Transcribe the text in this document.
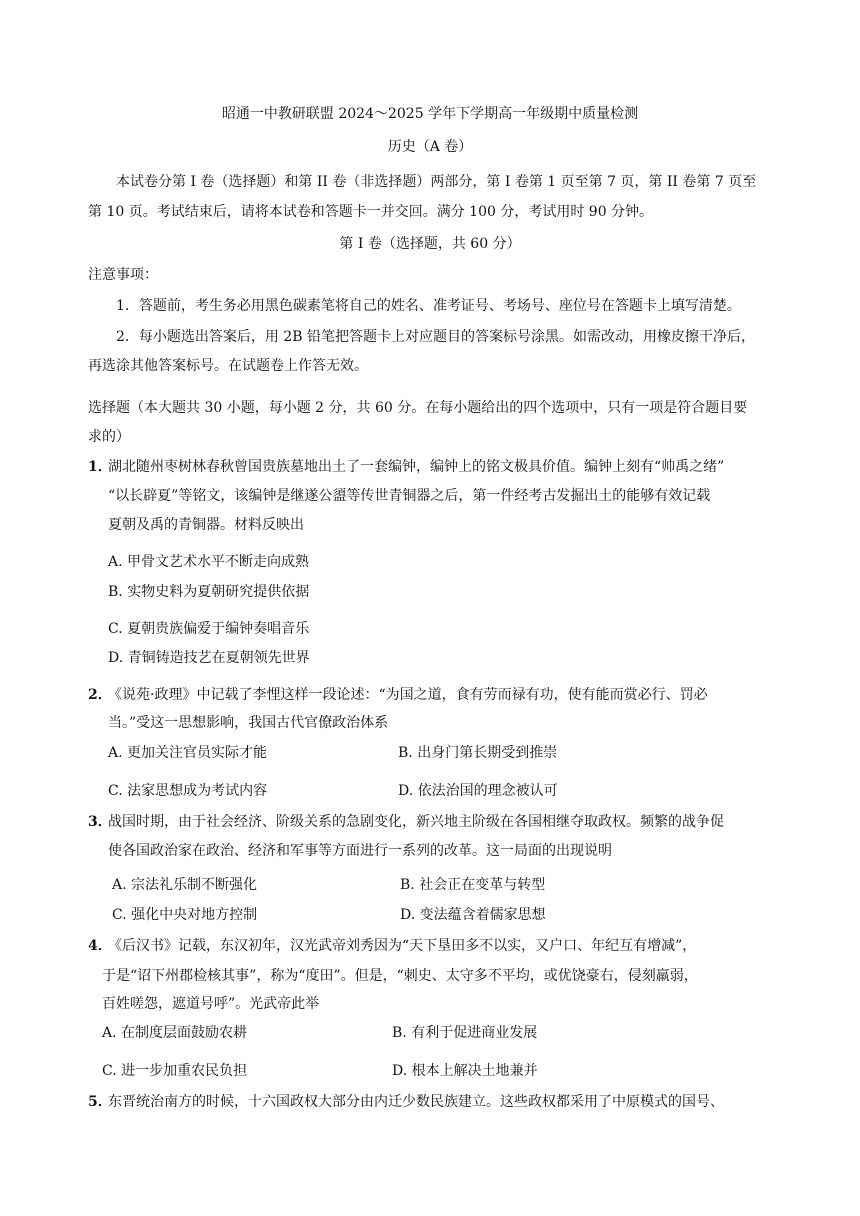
昭通一中教研联盟 2024～2025 学年下学期高一年级期中质量检测
历史（A 卷）
本试卷分第 I 卷（选择题）和第 II 卷（非选择题）两部分，第 I 卷第 1 页至第 7 页，第 II 卷第 7 页至
第 10 页。考试结束后，请将本试卷和答题卡一并交回。满分 100 分，考试用时 90 分钟。
第 I 卷（选择题，共 60 分）
注意事项：
1．答题前，考生务必用黑色碳素笔将自己的姓名、准考证号、考场号、座位号在答题卡上填写清楚。
2．每小题选出答案后，用 2B 铅笔把答题卡上对应题目的答案标号涂黑。如需改动，用橡皮擦干净后，
再选涂其他答案标号。在试题卷上作答无效。
选择题（本大题共 30 小题，每小题 2 分，共 60 分。在每小题给出的四个选项中，只有一项是符合题目要
求的）
1．
湖北随州枣树林春秋曾国贵族墓地出土了一套编钟，编钟上的铭文极具价值。编钟上刻有“帅禹之绪”
“以长辟夏”等铭文，该编钟是继遂公盨等传世青铜器之后，第一件经考古发掘出土的能够有效记载
夏朝及禹的青铜器。材料反映出
A. 甲骨文艺术水平不断走向成熟
B. 实物史料为夏朝研究提供依据
C. 夏朝贵族偏爱于编钟奏唱音乐
D. 青铜铸造技艺在夏朝领先世界
2．
《说苑·政理》中记载了李悝这样一段论述：“为国之道，食有劳而禄有功，使有能而赏必行、罚必
当。”受这一思想影响，我国古代官僚政治体系
A. 更加关注官员实际才能	B. 出身门第长期受到推崇
C. 法家思想成为考试内容	D. 依法治国的理念被认可
3．
战国时期，由于社会经济、阶级关系的急剧变化，新兴地主阶级在各国相继夺取政权。频繁的战争促
使各国政治家在政治、经济和军事等方面进行一系列的改革。这一局面的出现说明
A. 宗法礼乐制不断强化	B. 社会正在变革与转型
C. 强化中央对地方控制	D. 变法蕴含着儒家思想
4．
《后汉书》记载，东汉初年，汉光武帝刘秀因为“天下垦田多不以实，又户口、年纪互有增减”，
于是“诏下州郡检核其事”，称为“度田”。但是，“刺史、太守多不平均，或优饶豪右，侵刻羸弱，
百姓嗟怨，遮道号呼”。光武帝此举
A. 在制度层面鼓励农耕	B. 有利于促进商业发展
C. 进一步加重农民负担	D. 根本上解决土地兼并
5．
东晋统治南方的时候，十六国政权大部分由内迁少数民族建立。这些政权都采用了中原模式的国号、
